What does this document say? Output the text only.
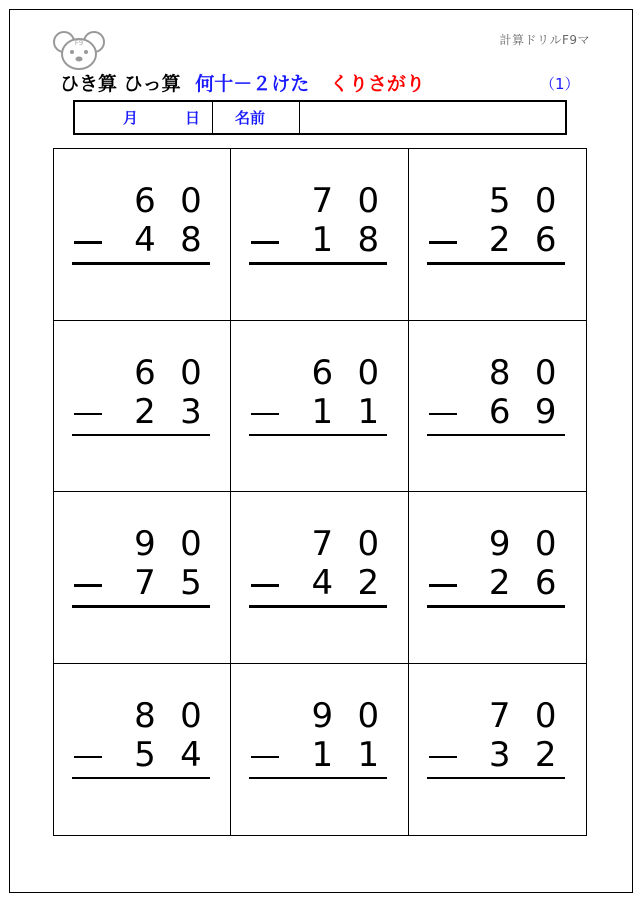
F9	計算ドリルF9マ
ひき算 ひっ算 何十－２けた くりさがり	（1）
月	日	名前
6 0
4 8
7 0
1 8
5 0
2 6
6 0
2 3
6 0
1 1
8 0
6 9
9 0
7 5
7 0
4 2
9 0
2 6
8 0
5 4
9 0
1 1
7 0
3 2
